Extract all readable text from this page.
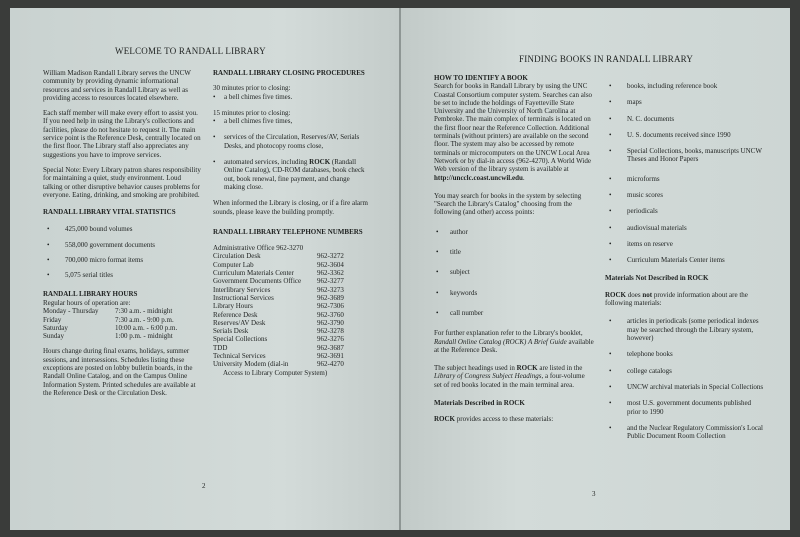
WELCOME TO RANDALL LIBRARY

William Madison Randall Library serves the UNCW community by providing dynamic informational resources and services in Randall Library as well as providing access to resources located elsewhere.

Each staff member will make every effort to assist you. If you need help in using the Library's collections and facilities, please do not hesitate to request it. The main service point is the Reference Desk, centrally located on the first floor. The Library staff also appreciates any suggestions you have to improve services.

Special Note: Every Library patron shares responsibility for maintaining a quiet, study environment. Loud talking or other disruptive behavior causes problems for everyone. Eating, drinking, and smoking are prohibited.

RANDALL LIBRARY VITAL STATISTICS

• 425,000 bound volumes
• 558,000 government documents
• 700,000 micro format items
• 5,075 serial titles

RANDALL LIBRARY HOURS

Regular hours of operation are:

Monday - Thursday	7:30 a.m. - midnight
Friday	7:30 a.m. - 9:00 p.m.
Saturday	10:00 a.m. - 6:00 p.m.
Sunday	1:00 p.m. - midnight

Hours change during final exams, holidays, summer sessions, and intersessions. Schedules listing these exceptions are posted on lobby bulletin boards, in the Randall Online Catalog, and on the Campus Online Information System. Printed schedules are available at the Reference Desk or the Circulation Desk.

RANDALL LIBRARY CLOSING PROCEDURES

30 minutes prior to closing:

• a bell chimes five times.

15 minutes prior to closing:

• a bell chimes five times,

• services of the Circulation, Reserves/AV, Serials Desks, and photocopy rooms close,

• automated services, including ROCK (Randall Online Catalog), CD-ROM databases, book check out, book renewal, fine payment, and change making close.

When informed the Library is closing, or if a fire alarm sounds, please leave the building promptly.

RANDALL LIBRARY TELEPHONE NUMBERS

Administrative Office 962-3270

Circulation Desk	962-3272
Computer Lab	962-3604
Curriculum Materials Center	962-3362
Government Documents Office	962-3277
Interlibrary Services	962-3273
Instructional Services	962-3689
Library Hours	962-7306
Reference Desk	962-3760
Reserves/AV Desk	962-3790
Serials Desk	962-3278
Special Collections	962-3276
TDD	962-3687
Technical Services	962-3691
University Modem (dial-in	962-4270
Access to Library Computer System)	
2
FINDING BOOKS IN RANDALL LIBRARY

HOW TO IDENTIFY A BOOK

Search for books in Randall Library by using the UNC Coastal Consortium computer system. Searches can also be set to include the holdings of Fayetteville State University and the University of North Carolina at Pembroke. The main complex of terminals is located on the first floor near the Reference Collection. Additional terminals (without printers) are available on the second floor. The system may also be accessed by remote terminals or microcomputers on the UNCW Local Area Network or by dial-in access (962-4270). A World Wide Web version of the library system is available at http://uncclc.coast.uncwil.edu.

You may search for books in the system by selecting "Search the Library's Catalog" choosing from the following (and other) access points:

• author

• title

• subject

• keywords

• call number

For further explanation refer to the Library's booklet, Randall Online Catalog (ROCK) A Brief Guide available at the Reference Desk.

The subject headings used in ROCK are listed in the Library of Congress Subject Headings, a four-volume set of red books located in the main terminal area.

Materials Described in ROCK

ROCK provides access to these materials:

• books, including reference book
• maps
• N. C. documents
• U. S. documents received since 1990
• Special Collections, books, manuscripts UNCW Theses and Honor Papers
• microforms
• music scores
• periodicals
• audiovisual materials
• items on reserve
• Curriculum Materials Center items

Materials Not Described in ROCK

ROCK does not provide information about are the following materials:

• articles in periodicals (some periodical indexes may be searched through the Library system, however)
• telephone books
• college catalogs
• UNCW archival materials in Special Collections
• most U.S. government documents published prior to 1990
• and the Nuclear Regulatory Commission's Local Public Document Room Collection
3
